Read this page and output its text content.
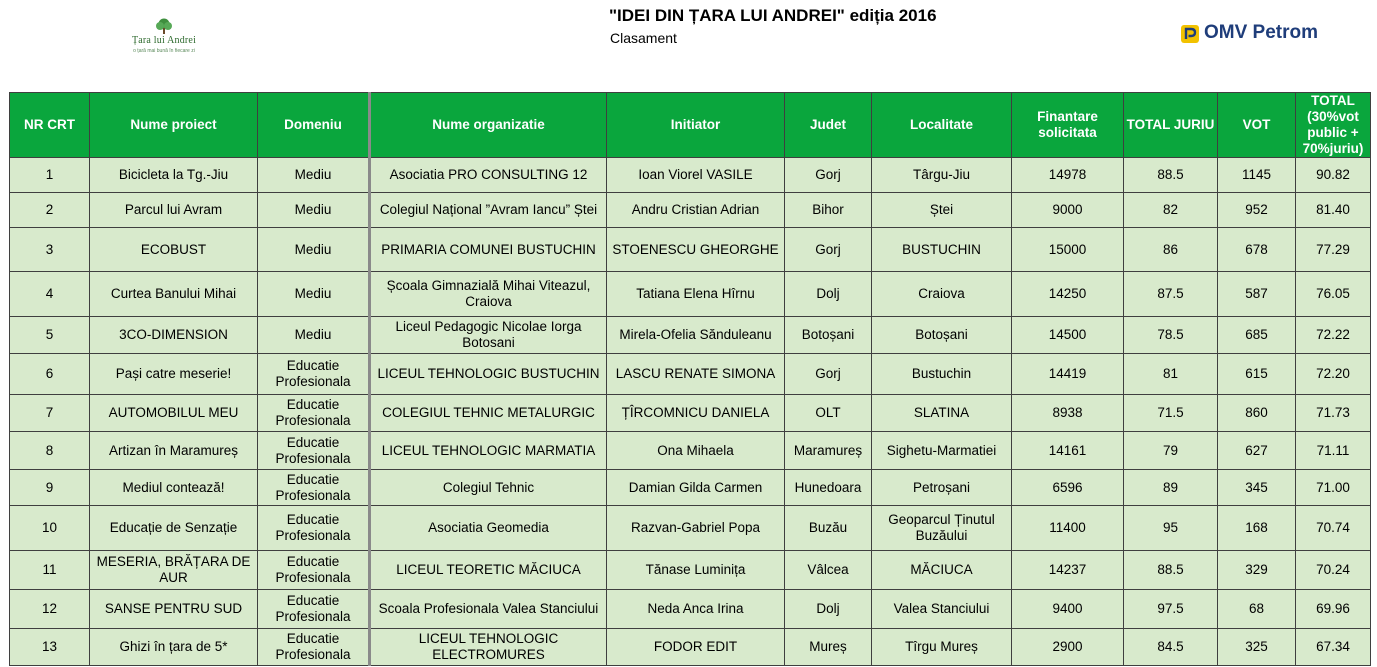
Țara lui Andrei
o țară mai bună în fiecare zi
"IDEI DIN ȚARA LUI ANDREI" ediția 2016
Clasament	OMV Petrom
NR CRT	Nume proiect	Domeniu	Nume organizatie	Initiator	Judet	Localitate	Finantare solicitata	TOTAL JURIU	VOT	TOTAL (30%vot public + 70%juriu)
1	Bicicleta la Tg.-Jiu	Mediu	Asociatia PRO CONSULTING 12	Ioan Viorel VASILE	Gorj	Târgu-Jiu	14978	88.5	1145	90.82
2	Parcul lui Avram	Mediu	Colegiul Național ”Avram Iancu” Ștei	Andru Cristian Adrian	Bihor	Ștei	9000	82	952	81.40
3	ECOBUST	Mediu	PRIMARIA COMUNEI BUSTUCHIN	STOENESCU GHEORGHE	Gorj	BUSTUCHIN	15000	86	678	77.29
4	Curtea Banului Mihai	Mediu	Școala Gimnazială Mihai Viteazul, Craiova	Tatiana Elena Hîrnu	Dolj	Craiova	14250	87.5	587	76.05
5	3CO-DIMENSION	Mediu	Liceul Pedagogic Nicolae Iorga Botosani	Mirela-Ofelia Săndulеanu	Botoșani	Botoșani	14500	78.5	685	72.22
6	Pași catre meserie!	Educatie Profesionala	LICEUL TEHNOLOGIC BUSTUCHIN	LASCU RENATE SIMONA	Gorj	Bustuchin	14419	81	615	72.20
7	AUTOMOBILUL MEU	Educatie Profesionala	COLEGIUL TEHNIC METALURGIC	ȚÎRCOMNICU DANIELA	OLT	SLATINA	8938	71.5	860	71.73
8	Artizan în Maramureș	Educatie Profesionala	LICEUL TEHNOLOGIC MARMATIA	Ona Mihaela	Maramureș	Sighetu-Marmatiei	14161	79	627	71.11
9	Mediul contează!	Educatie Profesionala	Colegiul Tehnic	Damian Gilda Carmen	Hunedoara	Petroșani	6596	89	345	71.00
10	Educație de Senzație	Educatie Profesionala	Asociatia Geomedia	Razvan-Gabriel Popa	Buzău	Geoparcul Ținutul Buzăului	11400	95	168	70.74
11	MESERIA, BRĂȚARA DE AUR	Educatie Profesionala	LICEUL TEORETIC MĂCIUCA	Tănase Luminița	Vâlcea	MĂCIUCA	14237	88.5	329	70.24
12	SANSE PENTRU SUD	Educatie Profesionala	Scoala Profesionala Valea Stanciului	Neda Anca Irina	Dolj	Valea Stanciului	9400	97.5	68	69.96
13	Ghizi în țara de 5*	Educatie Profesionala	LICEUL TEHNOLOGIC ELECTROMURES	FODOR EDIT	Mureș	Tîrgu Mureș	2900	84.5	325	67.34
